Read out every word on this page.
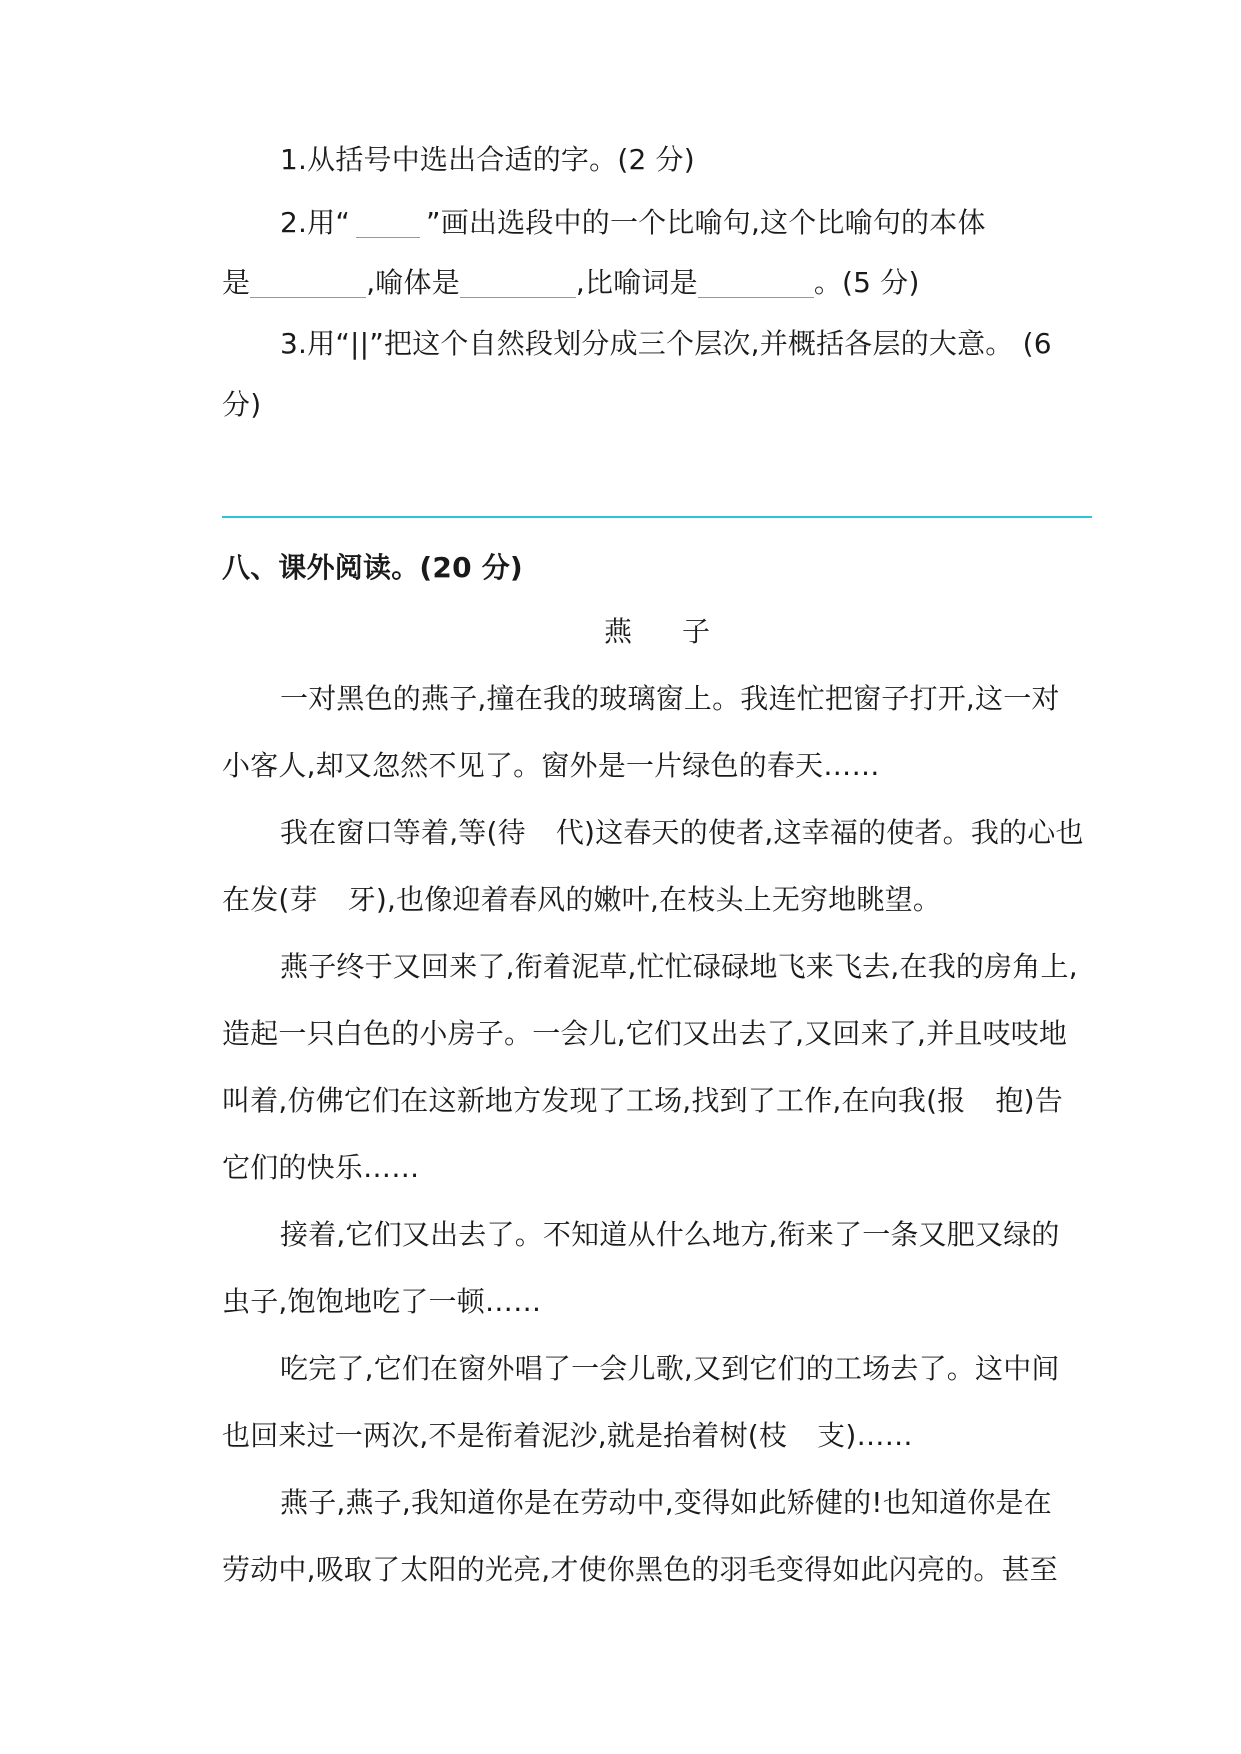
1.从括号中选出合适的字。(2 分)
2.用“	”画出选段中的一个比喻句,这个比喻句的本体
是	,喻体是	,比喻词是	。(5 分)
3.用“||”把这个自然段划分成三个层次,并概括各层的大意。 (6
分)
八、课外阅读。(20 分)
燕子
一对黑色的燕子,撞在我的玻璃窗上。我连忙把窗子打开,这一对
小客人,却又忽然不见了。窗外是一片绿色的春天……
我在窗口等着,等(待 代)这春天的使者,这幸福的使者。我的心也
在发(芽 牙),也像迎着春风的嫩叶,在枝头上无穷地眺望。
燕子终于又回来了,衔着泥草,忙忙碌碌地飞来飞去,在我的房角上,
造起一只白色的小房子。一会儿,它们又出去了,又回来了,并且吱吱地
叫着,仿佛它们在这新地方发现了工场,找到了工作,在向我(报 抱)告
它们的快乐……
接着,它们又出去了。不知道从什么地方,衔来了一条又肥又绿的
虫子,饱饱地吃了一顿……
吃完了,它们在窗外唱了一会儿歌,又到它们的工场去了。这中间
也回来过一两次,不是衔着泥沙,就是抬着树(枝 支)……
燕子,燕子,我知道你是在劳动中,变得如此矫健的!也知道你是在
劳动中,吸取了太阳的光亮,才使你黑色的羽毛变得如此闪亮的。甚至
